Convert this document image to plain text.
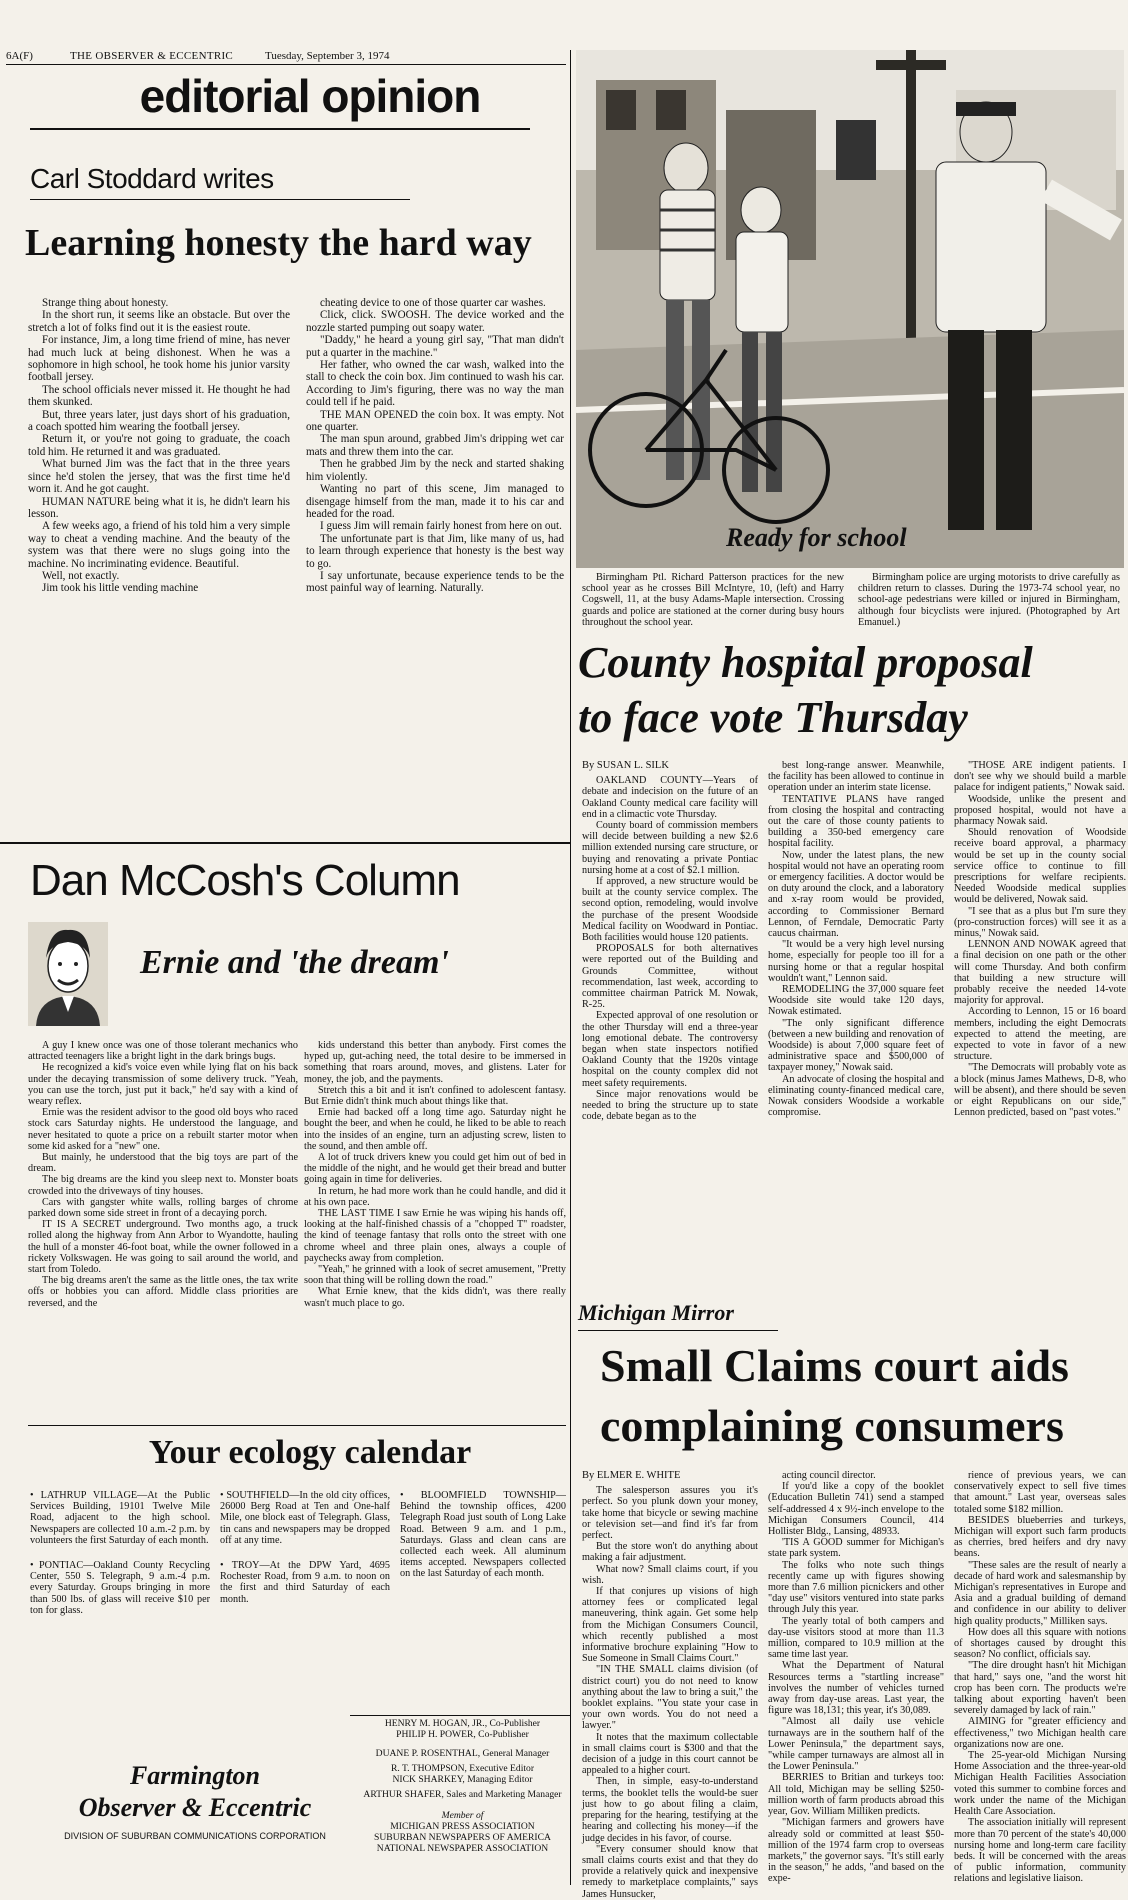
6A(F)	THE OBSERVER & ECCENTRIC	Tuesday, September 3, 1974
editorial opinion
Carl Stoddard writes
Learning honesty the hard way

Strange thing about honesty.

In the short run, it seems like an obstacle. But over the stretch a lot of folks find out it is the easiest route.

For instance, Jim, a long time friend of mine, has never had much luck at being dishonest. When he was a sophomore in high school, he took home his junior varsity football jersey.

The school officials never missed it. He thought he had them skunked.

But, three years later, just days short of his graduation, a coach spotted him wearing the football jersey.

Return it, or you're not going to graduate, the coach told him. He returned it and was graduated.

What burned Jim was the fact that in the three years since he'd stolen the jersey, that was the first time he'd worn it. And he got caught.

HUMAN NATURE being what it is, he didn't learn his lesson.

A few weeks ago, a friend of his told him a very simple way to cheat a vending machine. And the beauty of the system was that there were no slugs going into the machine. No incriminating evidence. Beautiful.

Well, not exactly.

Jim took his little vending machine

cheating device to one of those quarter car washes.

Click, click. SWOOSH. The device worked and the nozzle started pumping out soapy water.

"Daddy," he heard a young girl say, "That man didn't put a quarter in the machine."

Her father, who owned the car wash, walked into the stall to check the coin box. Jim continued to wash his car. According to Jim's figuring, there was no way the man could tell if he paid.

THE MAN OPENED the coin box. It was empty. Not one quarter.

The man spun around, grabbed Jim's dripping wet car mats and threw them into the car.

Then he grabbed Jim by the neck and started shaking him violently.

Wanting no part of this scene, Jim managed to disengage himself from the man, made it to his car and headed for the road.

I guess Jim will remain fairly honest from here on out.

The unfortunate part is that Jim, like many of us, had to learn through experience that honesty is the best way to go.

I say unfortunate, because experience tends to be the most painful way of learning. Naturally.

Dan McCosh's Column
Ernie and 'the dream'

A guy I knew once was one of those tolerant mechanics who attracted teenagers like a bright light in the dark brings bugs.

He recognized a kid's voice even while lying flat on his back under the decaying transmission of some delivery truck. "Yeah, you can use the torch, just put it back," he'd say with a kind of weary reflex.

Ernie was the resident advisor to the good old boys who raced stock cars Saturday nights. He understood the language, and never hesitated to quote a price on a rebuilt starter motor when some kid asked for a "new" one.

But mainly, he understood that the big toys are part of the dream.

The big dreams are the kind you sleep next to. Monster boats crowded into the driveways of tiny houses.

Cars with gangster white walls, rolling barges of chrome parked down some side street in front of a decaying porch.

IT IS A SECRET underground. Two months ago, a truck rolled along the highway from Ann Arbor to Wyandotte, hauling the hull of a monster 46-foot boat, while the owner followed in a rickety Volkswagen. He was going to sail around the world, and start from Toledo.

The big dreams aren't the same as the little ones, the tax write offs or hobbies you can afford. Middle class priorities are reversed, and the

kids understand this better than anybody. First comes the hyped up, gut-aching need, the total desire to be immersed in something that roars around, moves, and glistens. Later for money, the job, and the payments.

Stretch this a bit and it isn't confined to adolescent fantasy. But Ernie didn't think much about things like that.

Ernie had backed off a long time ago. Saturday night he bought the beer, and when he could, he liked to be able to reach into the insides of an engine, turn an adjusting screw, listen to the sound, and then amble off.

A lot of truck drivers knew you could get him out of bed in the middle of the night, and he would get their bread and butter going again in time for deliveries.

In return, he had more work than he could handle, and did it at his own pace.

THE LAST TIME I saw Ernie he was wiping his hands off, looking at the half-finished chassis of a "chopped T" roadster, the kind of teenage fantasy that rolls onto the street with one chrome wheel and three plain ones, always a couple of paychecks away from completion.

"Yeah," he grinned with a look of secret amusement, "Pretty soon that thing will be rolling down the road."

What Ernie knew, that the kids didn't, was there really wasn't much place to go.

Your ecology calendar

• LATHRUP VILLAGE—At the Public Services Building, 19101 Twelve Mile Road, adjacent to the high school. Newspapers are collected 10 a.m.-2 p.m. by volunteers the first Saturday of each month.

• PONTIAC—Oakland County Recycling Center, 550 S. Telegraph, 9 a.m.-4 p.m. every Saturday. Groups bringing in more than 500 lbs. of glass will receive $10 per ton for glass.

• SOUTHFIELD—In the old city offices, 26000 Berg Road at Ten and One-half Mile, one block east of Telegraph. Glass, tin cans and newspapers may be dropped off at any time.

• TROY—At the DPW Yard, 4695 Rochester Road, from 9 a.m. to noon on the first and third Saturday of each month.

• BLOOMFIELD TOWNSHIP—Behind the township offices, 4200 Telegraph Road just south of Long Lake Road. Between 9 a.m. and 1 p.m., Saturdays. Glass and clean cans are collected each week. All aluminum items accepted. Newspapers collected on the last Saturday of each month.

Farmington
Observer & Eccentric
DIVISION OF SUBURBAN COMMUNICATIONS CORPORATION
HENRY M. HOGAN, JR., Co-Publisher
PHILIP H. POWER, Co-Publisher
DUANE P. ROSENTHAL, General Manager
R. T. THOMPSON, Executive Editor
NICK SHARKEY, Managing Editor
ARTHUR SHAFER, Sales and Marketing Manager
Member of
MICHIGAN PRESS ASSOCIATION
SUBURBAN NEWSPAPERS OF AMERICA
NATIONAL NEWSPAPER ASSOCIATION
Ready for school

Birmingham Ptl. Richard Patterson practices for the new school year as he crosses Bill McIntyre, 10, (left) and Harry Cogswell, 11, at the busy Adams-Maple intersection. Crossing guards and police are stationed at the corner during busy hours throughout the school year.

Birmingham police are urging motorists to drive carefully as children return to classes. During the 1973-74 school year, no school-age pedestrians were killed or injured in Birmingham, although four bicyclists were injured. (Photographed by Art Emanuel.)

County hospital proposal
to face vote Thursday

By SUSAN L. SILK

OAKLAND COUNTY—Years of debate and indecision on the future of an Oakland County medical care facility will end in a climactic vote Thursday.

County board of commission members will decide between building a new $2.6 million extended nursing care structure, or buying and renovating a private Pontiac nursing home at a cost of $2.1 million.

If approved, a new structure would be built at the county service complex. The second option, remodeling, would involve the purchase of the present Woodside Medical facility on Woodward in Pontiac. Both facilities would house 120 patients.

PROPOSALS for both alternatives were reported out of the Building and Grounds Committee, without recommendation, last week, according to committee chairman Patrick M. Nowak, R-25.

Expected approval of one resolution or the other Thursday will end a three-year long emotional debate. The controversy began when state inspectors notified Oakland County that the 1920s vintage hospital on the county complex did not meet safety requirements.

Since major renovations would be needed to bring the structure up to state code, debate began as to the

best long-range answer. Meanwhile, the facility has been allowed to continue in operation under an interim state license.

TENTATIVE PLANS have ranged from closing the hospital and contracting out the care of those county patients to building a 350-bed emergency care hospital facility.

Now, under the latest plans, the new hospital would not have an operating room or emergency facilities. A doctor would be on duty around the clock, and a laboratory and x-ray room would be provided, according to Commissioner Bernard Lennon, of Ferndale, Democratic Party caucus chairman.

"It would be a very high level nursing home, especially for people too ill for a nursing home or that a regular hospital wouldn't want," Lennon said.

REMODELING the 37,000 square feet Woodside site would take 120 days, Nowak estimated.

"The only significant difference (between a new building and renovation of Woodside) is about 7,000 square feet of administrative space and $500,000 of taxpayer money," Nowak said.

An advocate of closing the hospital and eliminating county-financed medical care, Nowak considers Woodside a workable compromise.

"THOSE ARE indigent patients. I don't see why we should build a marble palace for indigent patients," Nowak said.

Woodside, unlike the present and proposed hospital, would not have a pharmacy Nowak said.

Should renovation of Woodside receive board approval, a pharmacy would be set up in the county social service office to continue to fill prescriptions for welfare recipients. Needed Woodside medical supplies would be delivered, Nowak said.

"I see that as a plus but I'm sure they (pro-construction forces) will see it as a minus," Nowak said.

LENNON AND NOWAK agreed that a final decision on one path or the other will come Thursday. And both confirm that building a new structure will probably receive the needed 14-vote majority for approval.

According to Lennon, 15 or 16 board members, including the eight Democrats expected to attend the meeting, are expected to vote in favor of a new structure.

"The Democrats will probably vote as a block (minus James Mathews, D-8, who will be absent), and there should be seven or eight Republicans on our side," Lennon predicted, based on "past votes."

Michigan Mirror
Small Claims court aids
complaining consumers

By ELMER E. WHITE

The salesperson assures you it's perfect. So you plunk down your money, take home that bicycle or sewing machine or television set—and find it's far from perfect.

But the store won't do anything about making a fair adjustment.

What now? Small claims court, if you wish.

If that conjures up visions of high attorney fees or complicated legal maneuvering, think again. Get some help from the Michigan Consumers Council, which recently published a most informative brochure explaining "How to Sue Someone in Small Claims Court."

"IN THE SMALL claims division (of district court) you do not need to know anything about the law to bring a suit," the booklet explains. "You state your case in your own words. You do not need a lawyer."

It notes that the maximum collectable in small claims court is $300 and that the decision of a judge in this court cannot be appealed to a higher court.

Then, in simple, easy-to-understand terms, the booklet tells the would-be suer just how to go about filing a claim, preparing for the hearing, testifying at the hearing and collecting his money—if the judge decides in his favor, of course.

"Every consumer should know that small claims courts exist and that they do provide a relatively quick and inexpensive remedy to marketplace complaints," says James Hunsucker,

acting council director.

If you'd like a copy of the booklet (Education Bulletin 741) send a stamped self-addressed 4 x 9½-inch envelope to the Michigan Consumers Council, 414 Hollister Bldg., Lansing, 48933.

'TIS A GOOD summer for Michigan's state park system.

The folks who note such things recently came up with figures showing more than 7.6 million picnickers and other "day use" visitors ventured into state parks through July this year.

The yearly total of both campers and day-use visitors stood at more than 11.3 million, compared to 10.9 million at the same time last year.

What the Department of Natural Resources terms a "startling increase" involves the number of vehicles turned away from day-use areas. Last year, the figure was 18,131; this year, it's 30,089.

"Almost all daily use vehicle turnaways are in the southern half of the Lower Peninsula," the department says, "while camper turnaways are almost all in the Lower Peninsula."

BERRIES to Britian and turkeys too: All told, Michigan may be selling $250-million worth of farm products abroad this year, Gov. William Milliken predicts.

"Michigan farmers and growers have already sold or committed at least $50-million of the 1974 farm crop to overseas markets," the governor says. "It's still early in the season," he adds, "and based on the expe-

rience of previous years, we can conservatively expect to sell five times that amount." Last year, overseas sales totaled some $182 million.

BESIDES blueberries and turkeys, Michigan will export such farm products as cherries, bred heifers and dry navy beans.

"These sales are the result of nearly a decade of hard work and salesmanship by Michigan's representatives in Europe and Asia and a gradual building of demand and confidence in our ability to deliver high quality products," Milliken says.

How does all this square with notions of shortages caused by drought this season? No conflict, officials say.

"The dire drought hasn't hit Michigan that hard," says one, "and the worst hit crop has been corn. The products we're talking about exporting haven't been severely damaged by lack of rain."

AIMING for "greater efficiency and effectiveness," two Michigan health care organizations now are one.

The 25-year-old Michigan Nursing Home Association and the three-year-old Michigan Health Facilities Association voted this summer to combine forces and work under the name of the Michigan Health Care Association.

The association initially will represent more than 70 percent of the state's 40,000 nursing home and long-term care facility beds. It will be concerned with the areas of public information, community relations and legislative liaison.
